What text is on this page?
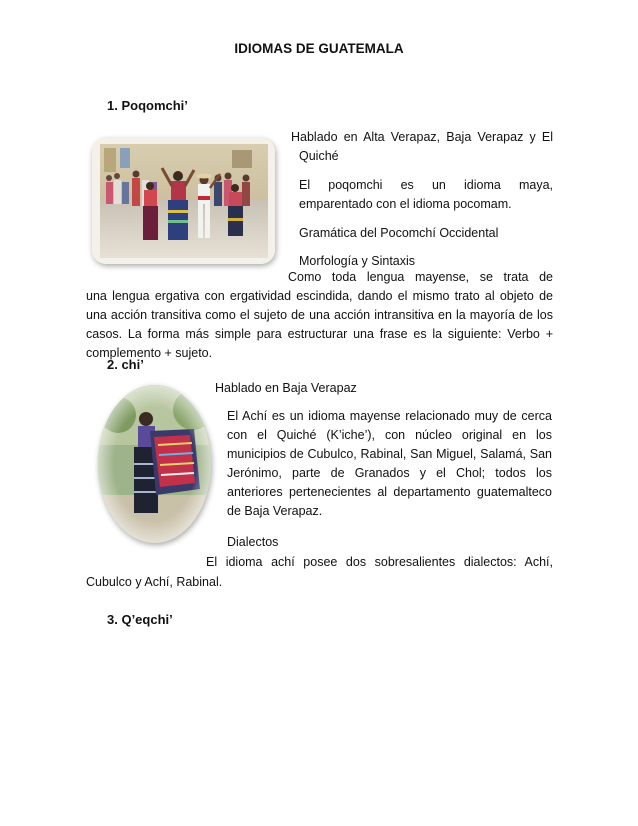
IDIOMAS DE GUATEMALA
1. Poqomchi’
Hablado en Alta Verapaz, Baja Verapaz y El
Quiché
El poqomchi es un idioma maya,
emparentado con el idioma pocomam.
Gramática del Pocomchí Occidental
Morfología y Sintaxis
Como toda lengua mayense, se trata de
una lengua ergativa con ergatividad escindida, dando el mismo trato al objeto de
una acción transitiva como el sujeto de una acción intransitiva en la mayoría de los
casos. La forma más simple para estructurar una frase es la siguiente: Verbo +
complemento + sujeto.
2. chi’
Hablado en Baja Verapaz
El Achí es un idioma mayense relacionado muy de cerca
con el Quiché (K’iche’), con núcleo original en los
municipios de Cubulco, Rabinal, San Miguel, Salamá, San
Jerónimo, parte de Granados y el Chol; todos los
anteriores pertenecientes al departamento guatemalteco
de Baja Verapaz.
Dialectos
El idioma achí posee dos sobresalientes dialectos: Achí,
Cubulco y Achí, Rabinal.
3. Q’eqchi’
